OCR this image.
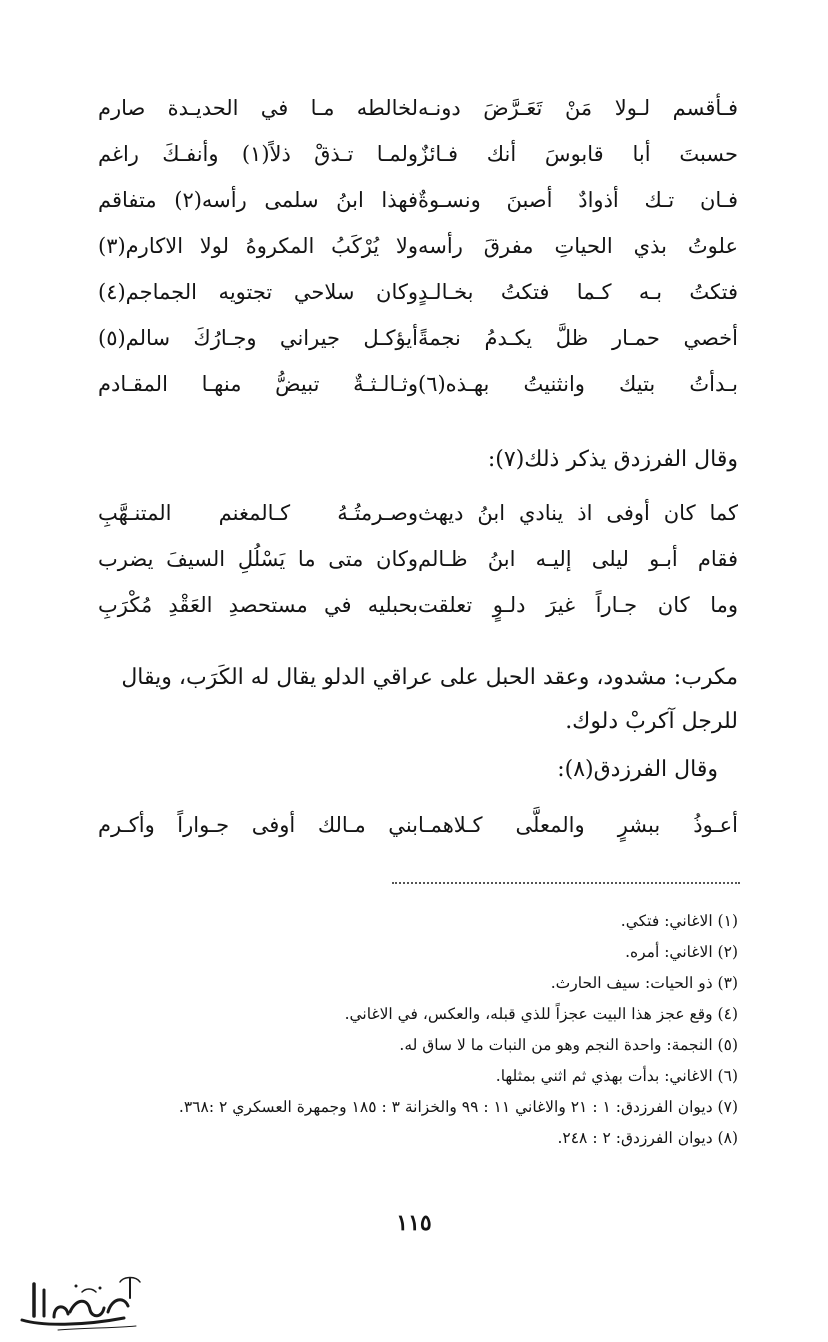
فـأقسم لـولا مَنْ تَعَـرَّضَ دونـه
لخالطه مـا في الحديـدة صارم
حسبتَ أبا قابوسَ أنك فـائزٌ
ولمـا تـذقْ ذلاً(١) وأنفـكَ راغم
فـان تـك أذوادٌ أصبنَ ونسـوةٌ
فهذا ابنُ سلمى رأسه(٢) متفاقم
علوتُ بذي الحياتِ مفرقَ رأسه
ولا يُرْكَبُ المكروهُ لولا الاكارم(٣)
فتكتُ بـه كـما فتكتُ بخـالـدٍ
وكان سلاحي تجتويه الجماجم(٤)
أخصي حمـار ظلَّ يكـدمُ نجمةً
أيؤكـل جيراني وجـارُكَ سالم(٥)
بـدأتُ بتيك وانثنيتُ بهـذه(٦)
وثـالـثـةٌ تبيضُّ منهـا المقـادم
وقال الفرزدق يذكر ذلك(٧):
كما كان أوفى اذ ينادي ابنُ ديهث
وصـرمتُـهُ كـالمغنم المتنـهَّبِ
فقام أبـو ليلى إليـه ابنُ ظـالم
وكان متى ما يَسْلُلِ السيفَ يضرب
وما كان جـاراً غيرَ دلـوٍ تعلقت
بحبليه في مستحصدِ العَقْدِ مُكْرَبِ
مكرب: مشدود، وعقد الحبل على عراقي الدلو يقال له الكَرَب، ويقال للرجل آكربْ دلوك.
وقال الفرزدق(٨):
أعـوذُ ببشرٍ والمعلَّى كـلاهمـا
بني مـالك أوفى جـواراً وأكـرم
(١) الاغاني: فتكي.
(٢) الاغاني: أمره.
(٣) ذو الحيات: سيف الحارث.
(٤) وقع عجز هذا البيت عجزاً للذي قبله، والعكس، في الاغاني.
(٥) النجمة: واحدة النجم وهو من النبات ما لا ساق له.
(٦) الاغاني: بدأت بهذي ثم اثني بمثلها.
(٧) ديوان الفرزدق: ١ : ٢١ والاغاني ١١ : ٩٩ والخزانة ٣ : ١٨٥ وجمهرة العسكري ٢ :٣٦٨.
(٨) ديوان الفرزدق: ٢ : ٢٤٨.
١١٥
